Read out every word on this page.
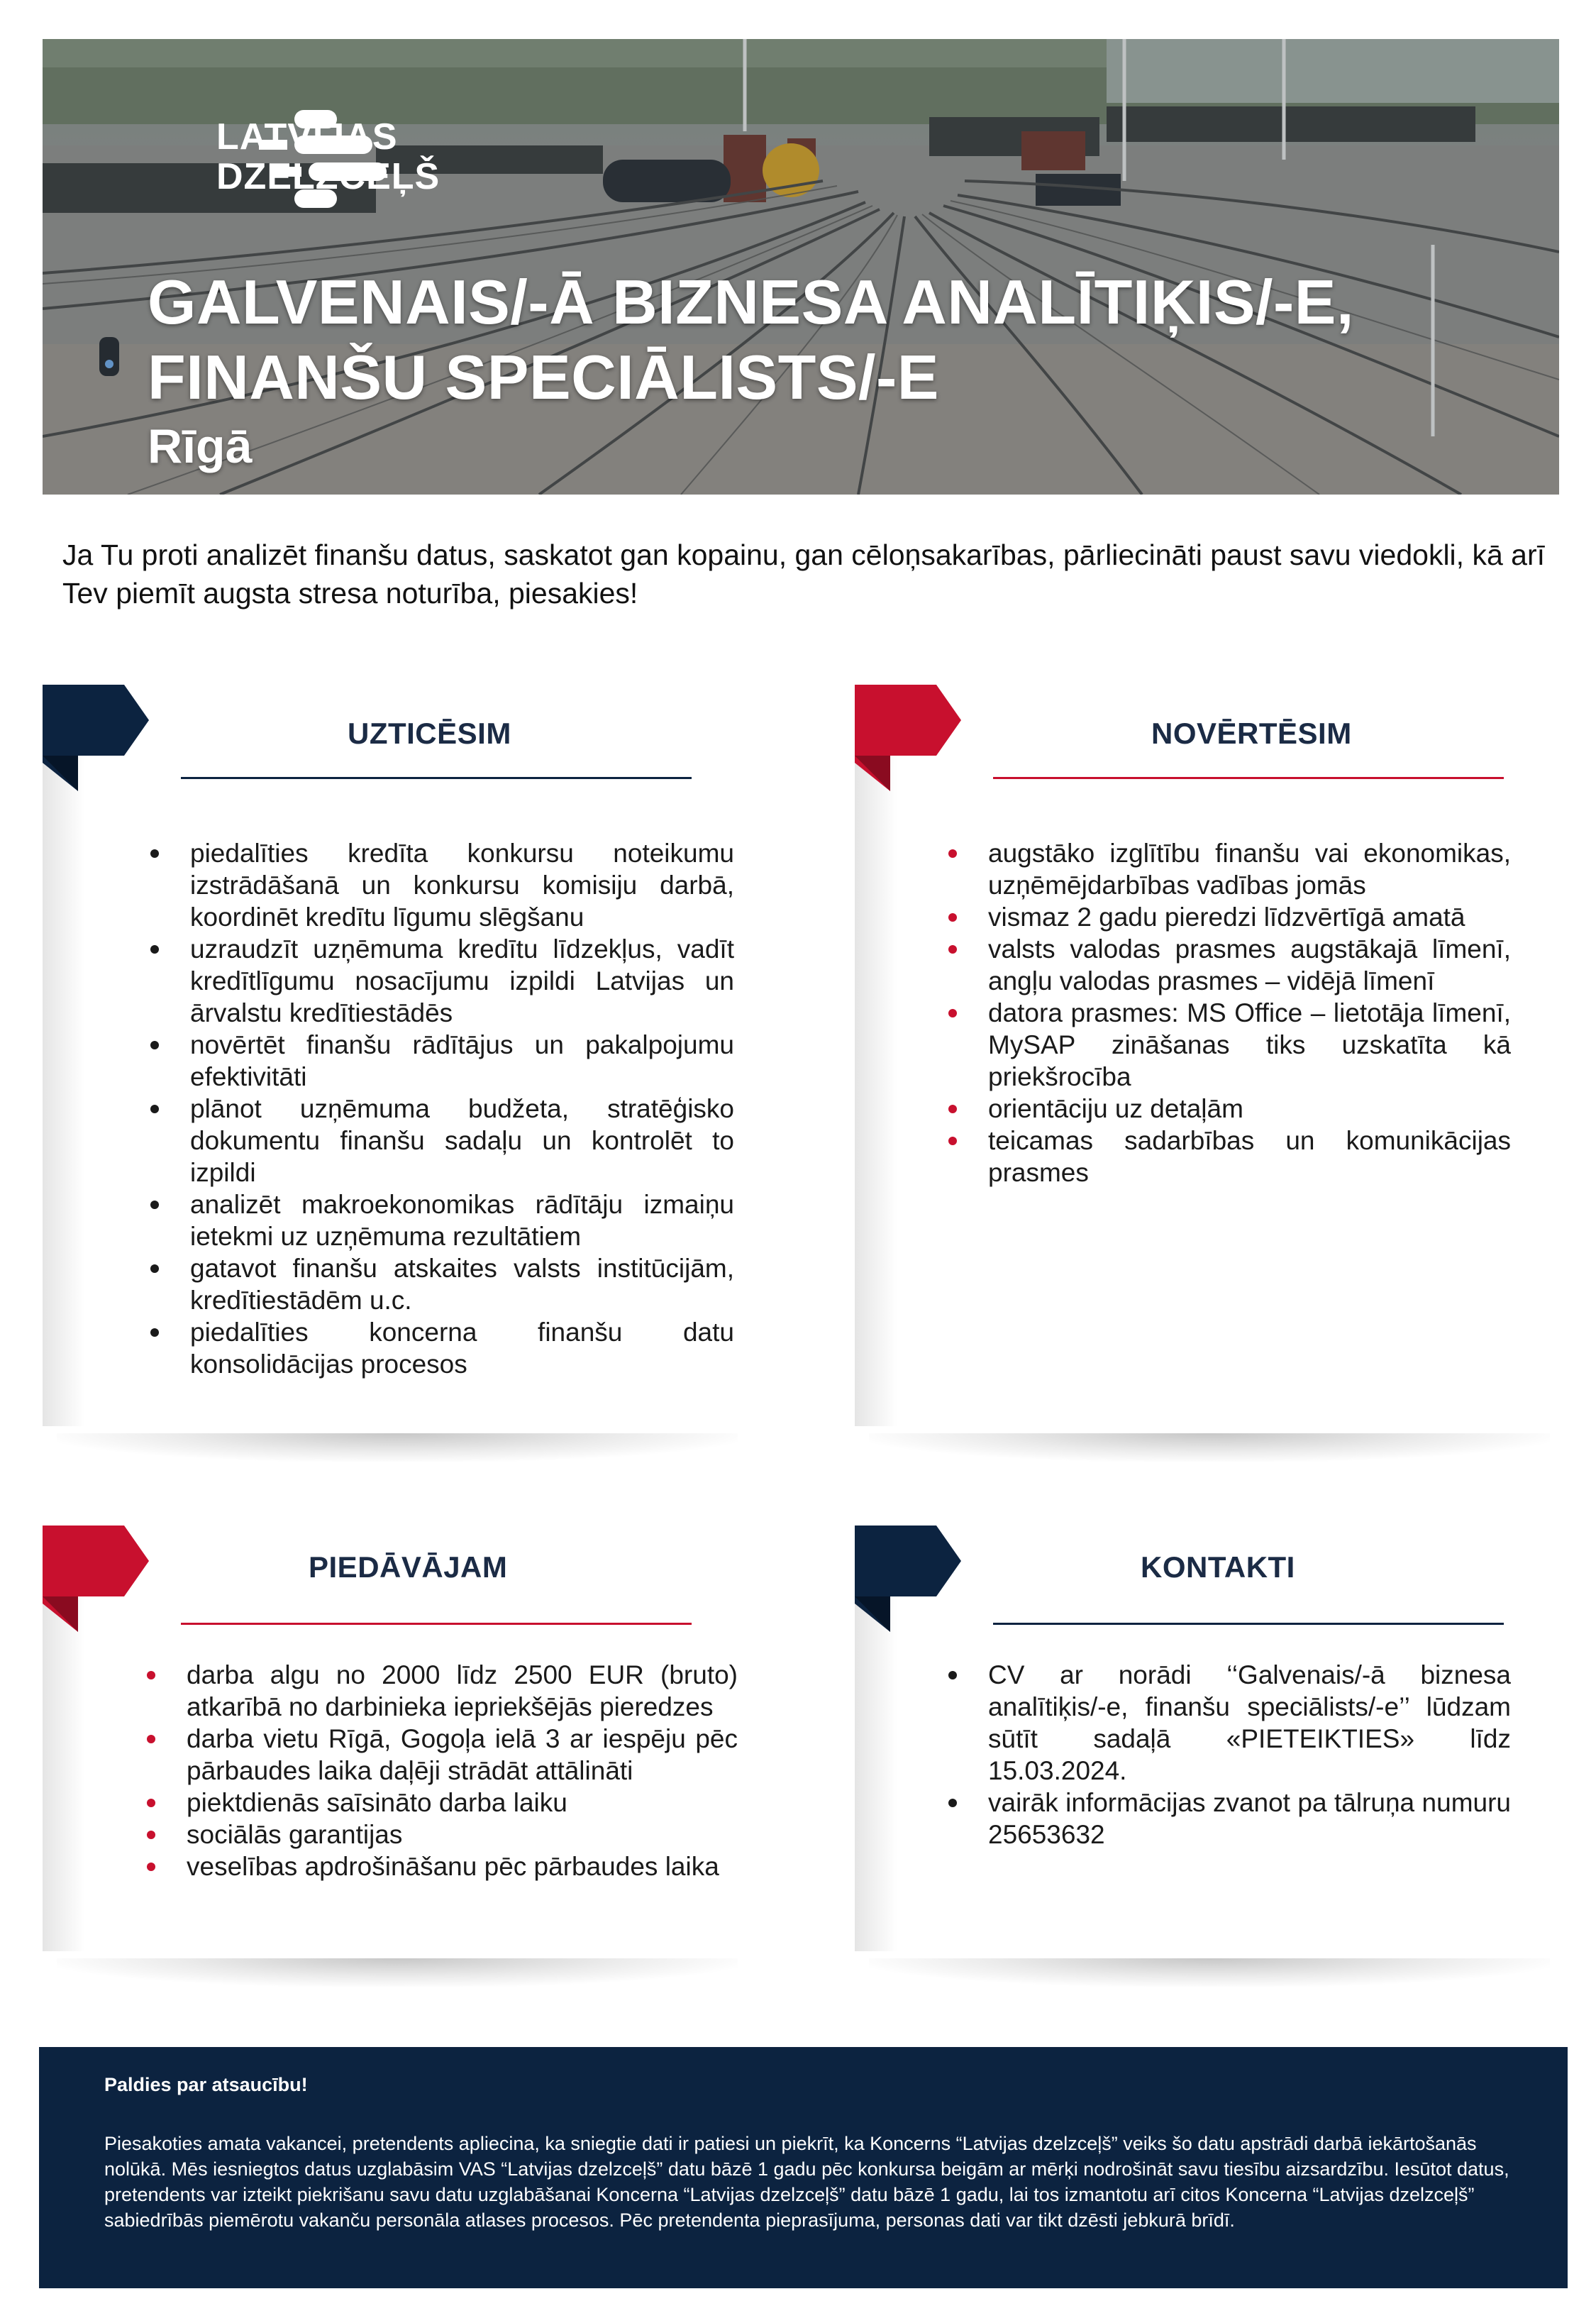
LATVIJAS
DZELZCEĻŠ
GALVENAIS/-Ā BIZNESA ANALĪTIĶIS/-E,
FINANŠU SPECIĀLISTS/-E
Rīgā
Ja Tu proti analizēt finanšu datus, saskatot gan kopainu, gan cēloņsakarības, pārliecināti paust savu viedokli, kā arī Tev piemīt augsta stresa noturība, piesakies!
UZTICĒSIM
piedalīties kredīta konkursu noteikumu izstrādāšanā un konkursu komisiju darbā, koordinēt kredītu līgumu slēgšanu
uzraudzīt uzņēmuma kredītu līdzekļus, vadīt kredītlīgumu nosacījumu izpildi Latvijas un ārvalstu kredītiestādēs
novērtēt finanšu rādītājus un pakalpojumu efektivitāti
plānot uzņēmuma budžeta, stratēģisko dokumentu finanšu sadaļu un kontrolēt to izpildi
analizēt makroekonomikas rādītāju izmaiņu ietekmi uz uzņēmuma rezultātiem
gatavot finanšu atskaites valsts institūcijām, kredītiestādēm u.c.
piedalīties koncerna finanšu datu konsolidācijas procesos
NOVĒRTĒSIM
augstāko izglītību finanšu vai ekonomikas, uzņēmējdarbības vadības jomās
vismaz 2 gadu pieredzi līdzvērtīgā amatā
valsts valodas prasmes augstākajā līmenī, angļu valodas prasmes – vidējā līmenī
datora prasmes: MS Office – lietotāja līmenī, MySAP zināšanas tiks uzskatīta kā priekšrocība
orientāciju uz detaļām
teicamas sadarbības un komunikācijas prasmes
PIEDĀVĀJAM
darba algu no 2000 līdz 2500 EUR (bruto) atkarībā no darbinieka iepriekšējās pieredzes
darba vietu Rīgā, Gogoļa ielā 3 ar iespēju pēc pārbaudes laika daļēji strādāt attālināti
piektdienās saīsināto darba laiku
sociālās garantijas
veselības apdrošināšanu pēc pārbaudes laika
KONTAKTI
CV ar norādi ‘‘Galvenais/-ā biznesa analītiķis/-e, finanšu speciālists/-e’’ lūdzam sūtīt sadaļā «PIETEIKTIES» līdz 15.03.2024.
vairāk informācijas zvanot pa tālruņa numuru 25653632
Paldies par atsaucību!
Piesakoties amata vakancei, pretendents apliecina, ka sniegtie dati ir patiesi un piekrīt, ka Koncerns “Latvijas dzelzceļš” veiks šo datu apstrādi darbā iekārtošanās nolūkā. Mēs iesniegtos datus uzglabāsim VAS “Latvijas dzelzceļš” datu bāzē 1 gadu pēc konkursa beigām ar mērķi nodrošināt savu tiesību aizsardzību. Iesūtot datus, pretendents var izteikt piekrišanu savu datu uzglabāšanai Koncerna “Latvijas dzelzceļš” datu bāzē 1 gadu, lai tos izmantotu arī citos Koncerna “Latvijas dzelzceļš” sabiedrībās piemērotu vakanču personāla atlases procesos. Pēc pretendenta pieprasījuma, personas dati var tikt dzēsti jebkurā brīdī.
